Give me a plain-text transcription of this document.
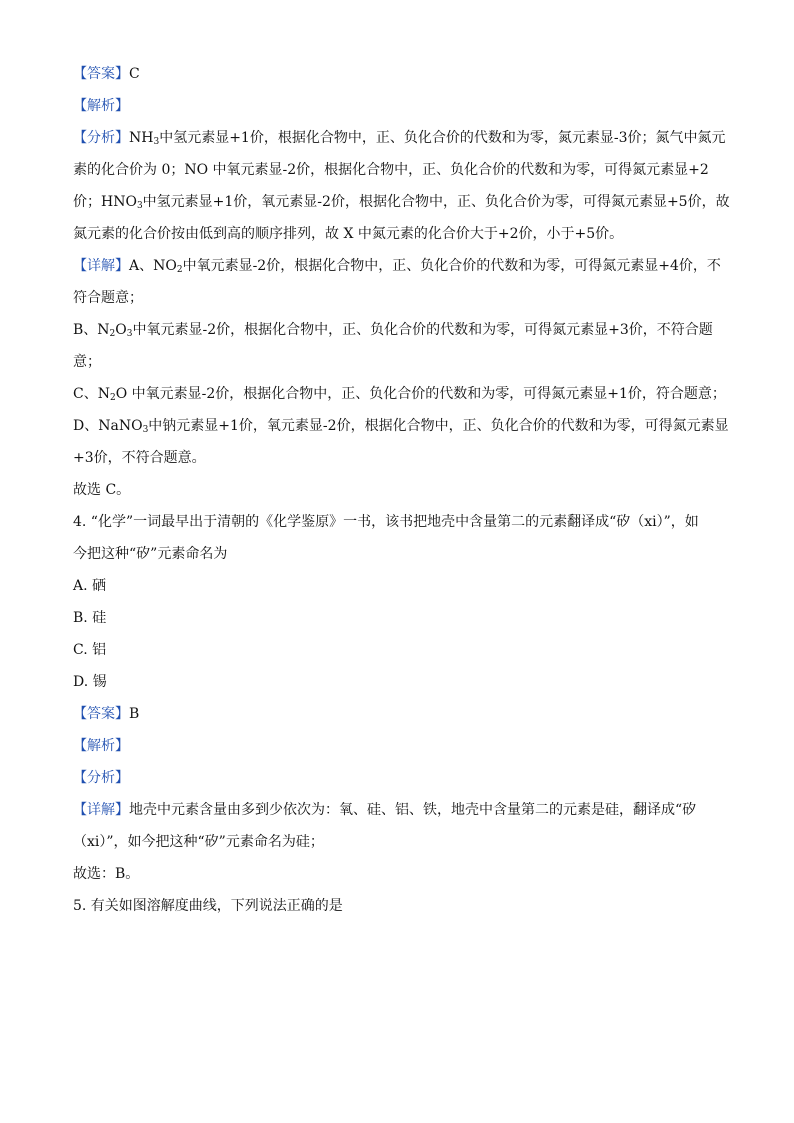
【答案】C
【解析】
【分析】$NH_3$中氢元素显+1价，根据化合物中，正、负化合价的代数和为零，氮元素显-3价；氮气中氮元
素的化合价为 0；NO 中氧元素显-2价，根据化合物中，正、负化合价的代数和为零，可得氮元素显+2
价；$HNO_3$中氢元素显+1价，氧元素显-2价，根据化合物中，正、负化合价为零，可得氮元素显+5价，故
氮元素的化合价按由低到高的顺序排列，故 X 中氮元素的化合价大于+2价，小于+5价。
【详解】A、$NO_2$中氧元素显-2价，根据化合物中，正、负化合价的代数和为零，可得氮元素显+4价，不
符合题意；
B、$N_2O_3$中氧元素显-2价，根据化合物中，正、负化合价的代数和为零，可得氮元素显+3价，不符合题
意；
C、$N_2O$ 中氧元素显-2价，根据化合物中，正、负化合价的代数和为零，可得氮元素显+1价，符合题意；
D、NaNO$_3$中钠元素显+1价，氧元素显-2价，根据化合物中，正、负化合价的代数和为零，可得氮元素显
+3价，不符合题意。
故选 C。
4. “化学”一词最早出于清朝的《化学鉴原》一书，该书把地壳中含量第二的元素翻译成“矽（xi）”，如
今把这种“矽”元素命名为
A. 硒
B. 硅
C. 铝
D. 锡
【答案】B
【解析】
【分析】
【详解】地壳中元素含量由多到少依次为：氧、硅、铝、铁，地壳中含量第二的元素是硅，翻译成“矽
（xi）”，如今把这种“矽”元素命名为硅；
故选：B。
5. 有关如图溶解度曲线，下列说法正确的是
